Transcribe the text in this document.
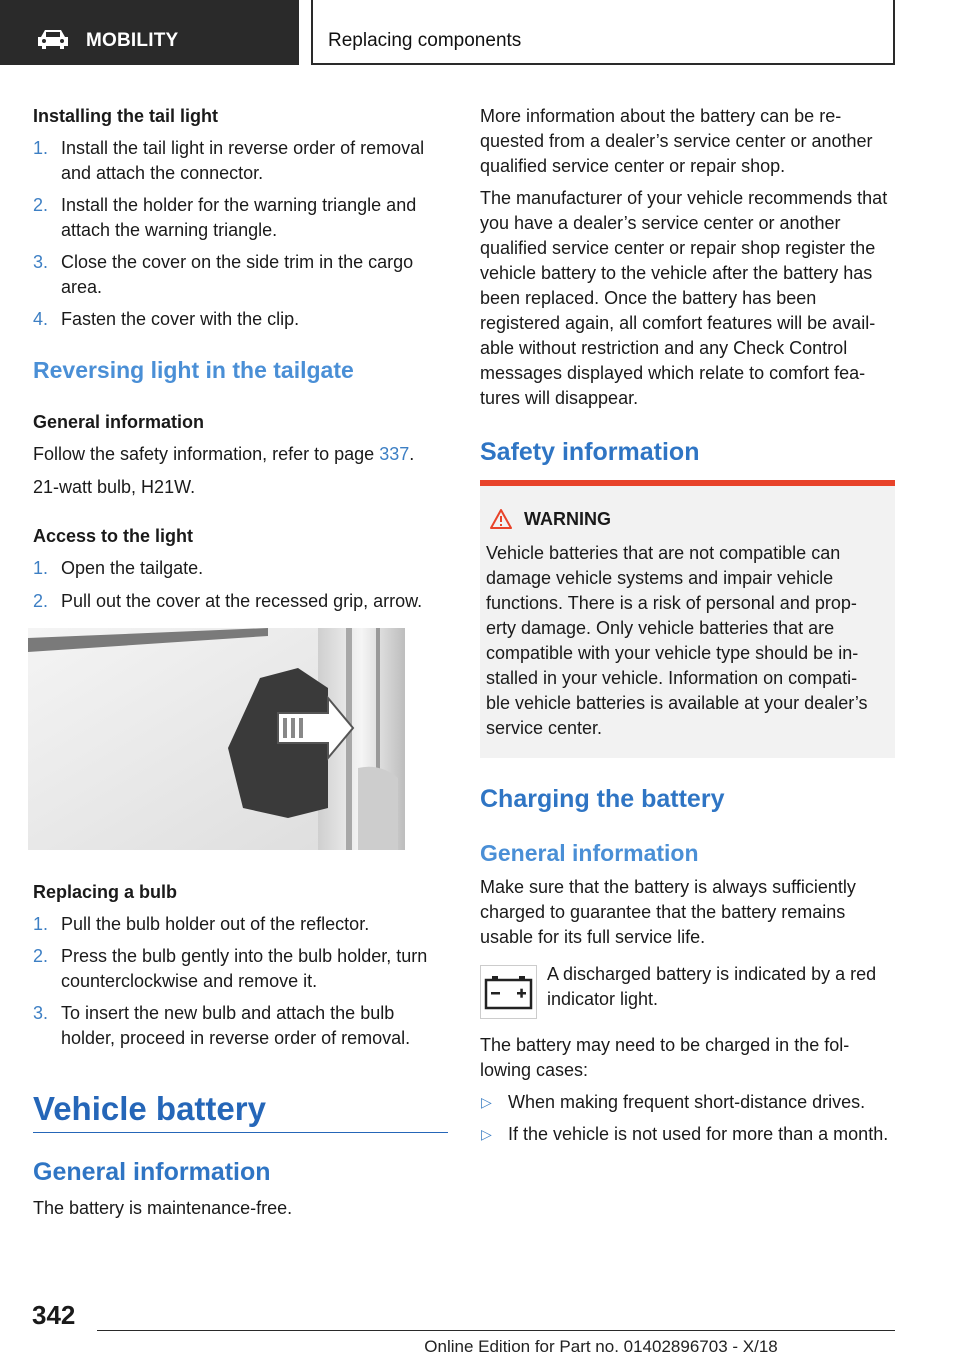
MOBILITY	Replacing components

Installing the tail light

1. Install the tail light in reverse order of removal and attach the connector.
2. Install the holder for the warning triangle and attach the warning triangle.
3. Close the cover on the side trim in the cargo area.
4. Fasten the cover with the clip.
Reversing light in the tailgate

General information

Follow the safety information, refer to page 337.

21-watt bulb, H21W.

Access to the light

1. Open the tailgate.
2. Pull out the cover at the recessed grip, arrow.

Replacing a bulb

1. Pull the bulb holder out of the reflector.
2. Press the bulb gently into the bulb holder, turn counterclockwise and remove it.
3. To insert the new bulb and attach the bulb holder, proceed in reverse order of removal.
Vehicle battery
General information
The battery is maintenance-free.

More information about the battery can be re-quested from a dealer’s service center or another qualified service center or repair shop.

The manufacturer of your vehicle recommends that you have a dealer’s service center or another qualified service center or repair shop register the vehicle battery to the vehicle after the battery has been replaced. Once the battery has been registered again, all comfort features will be avail-able without restriction and any Check Control messages displayed which relate to comfort fea-tures will disappear.

Safety information
WARNING
Vehicle batteries that are not compatible can damage vehicle systems and impair vehicle functions. There is a risk of personal and prop-erty damage. Only vehicle batteries that are compatible with your vehicle type should be in-stalled in your vehicle. Information on compati-ble vehicle batteries is available at your dealer’s service center.
Charging the battery
General information
Make sure that the battery is always sufficiently charged to guarantee that the battery remains usable for its full service life.
A discharged battery is indicated by a red indicator light.

The battery may need to be charged in the fol-lowing cases:

▷ When making frequent short-distance drives.
▷ If the vehicle is not used for more than a month.
342
Online Edition for Part no. 01402896703 - X/18
